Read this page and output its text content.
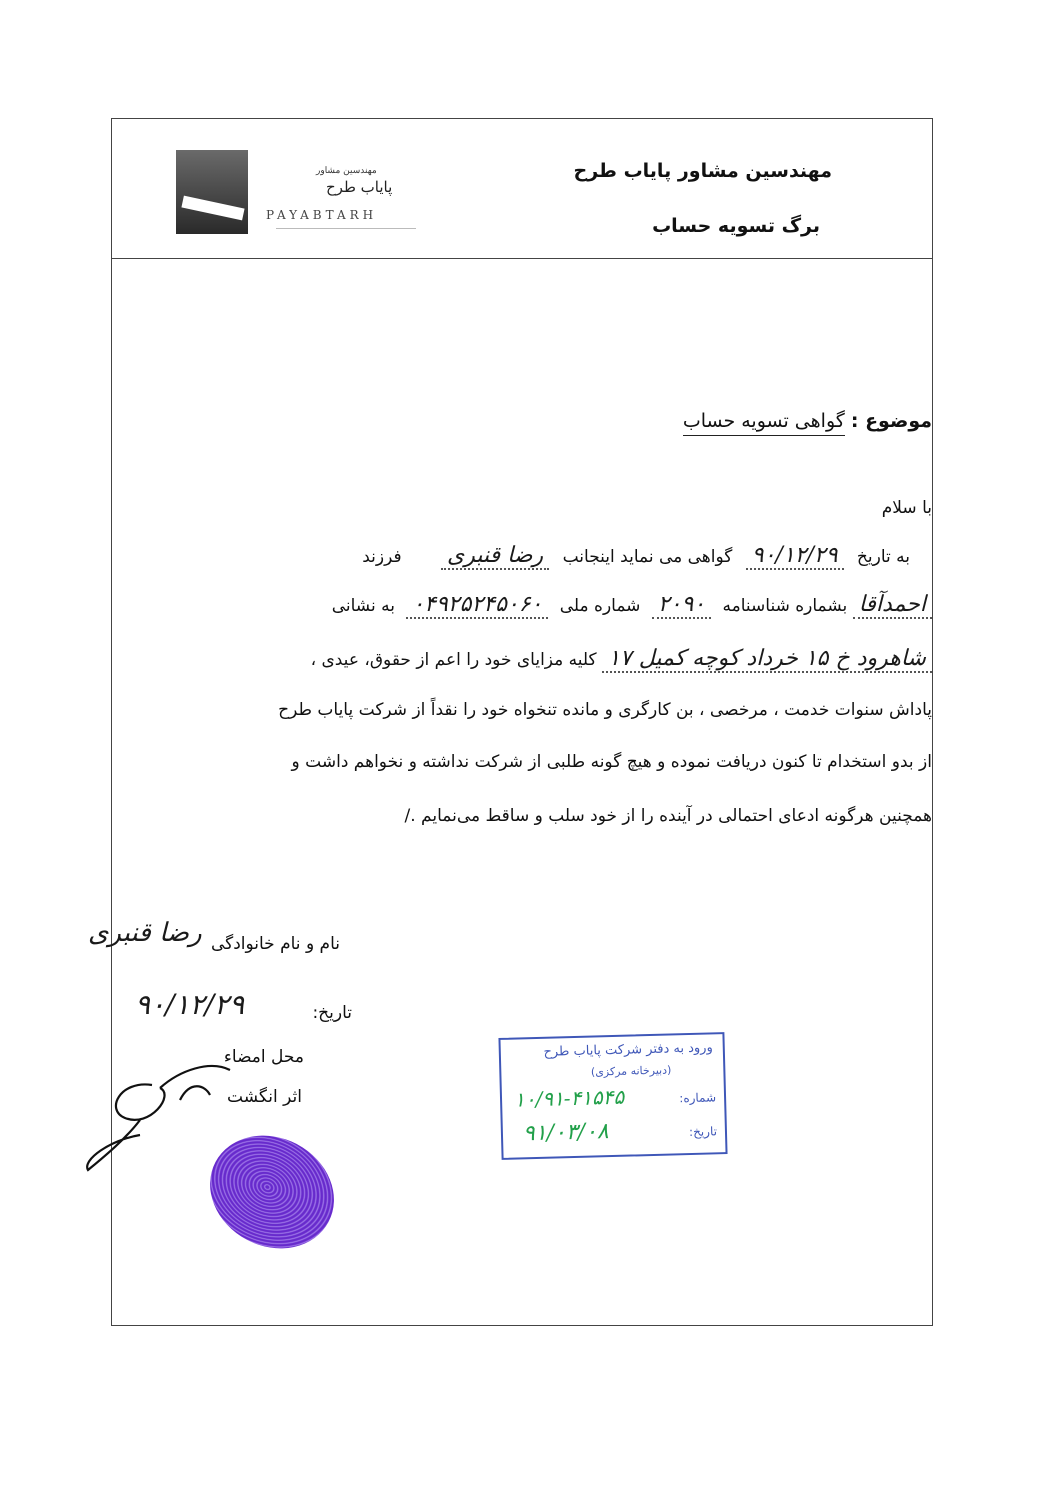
مهندسین مشاور
پایاب طرح
PAYABTARH
مهندسین مشاور پایاب طرح
برگ تسویه حساب
موضوع : گواهی تسویه حساب
با سلام
به تاریخ ۹۰/۱۲/۲۹ گواهی می نماید اینجانب رضا قنبری فرزند
احمدآقا بشماره شناسنامه ۲۰۹۰ شماره ملی ۰۴۹۲۵۲۴۵۰۶۰ به نشانی
شاهرود خ ۱۵ خرداد کوچه کمیل ۱۷ کلیه مزایای خود را اعم از حقوق، عیدی ،
پاداش سنوات خدمت ، مرخصی ، بن کارگری و مانده تنخواه خود را نقداً از شرکت پایاب طرح
از بدو استخدام تا کنون دریافت نموده و هیچ گونه طلبی از شرکت نداشته و نخواهم داشت و
همچنین هرگونه ادعای احتمالی در آینده را از خود سلب و ساقط می‌نمایم ./
نام و نام خانوادگی
رضا قنبری
تاریخ:
۹۰/۱۲/۲۹
محل امضاء
اثر انگشت
ورود به دفتر شرکت پایاب طرح
(دبیرخانه مرکزی)
شماره:
۱۰/۹۱-۴۱۵۴۵
تاریخ:
۹۱/۰۳/۰۸
